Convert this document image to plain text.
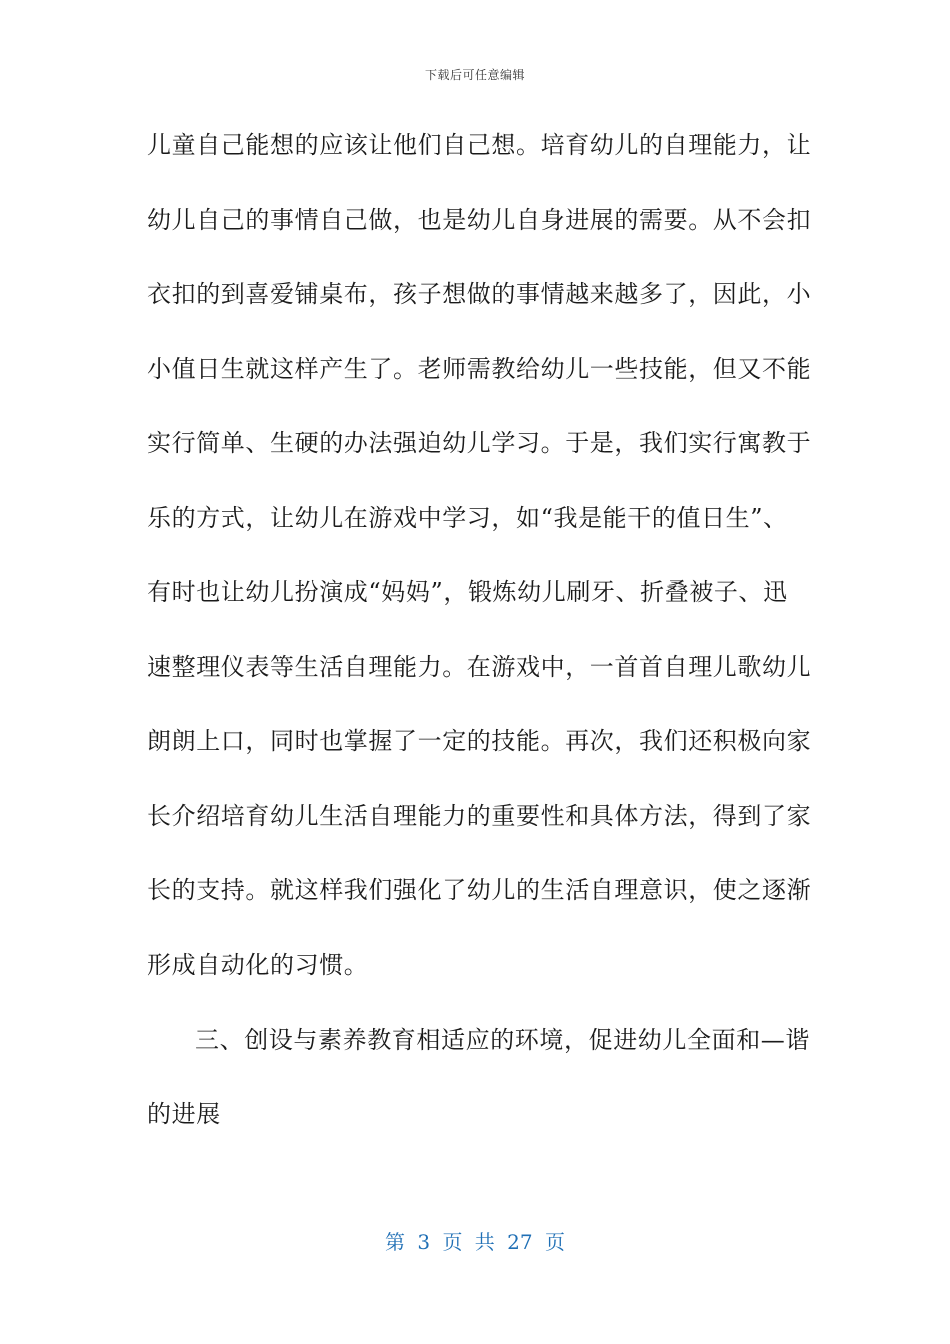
下载后可任意编辑
儿童自己能想的应该让他们自己想。培育幼儿的自理能力，让
幼儿自己的事情自己做，也是幼儿自身进展的需要。从不会扣
衣扣的到喜爱铺桌布，孩子想做的事情越来越多了，因此，小
小值日生就这样产生了。老师需教给幼儿一些技能，但又不能
实行简单、生硬的办法强迫幼儿学习。于是，我们实行寓教于
乐的方式，让幼儿在游戏中学习，如“我是能干的值日生”、
有时也让幼儿扮演成“妈妈”，锻炼幼儿刷牙、折叠被子、迅
速整理仪表等生活自理能力。在游戏中，一首首自理儿歌幼儿
朗朗上口，同时也掌握了一定的技能。再次，我们还积极向家
长介绍培育幼儿生活自理能力的重要性和具体方法，得到了家
长的支持。就这样我们强化了幼儿的生活自理意识，使之逐渐
形成自动化的习惯。
三、创设与素养教育相适应的环境，促进幼儿全面和—谐
的进展
第 3 页 共 27 页
